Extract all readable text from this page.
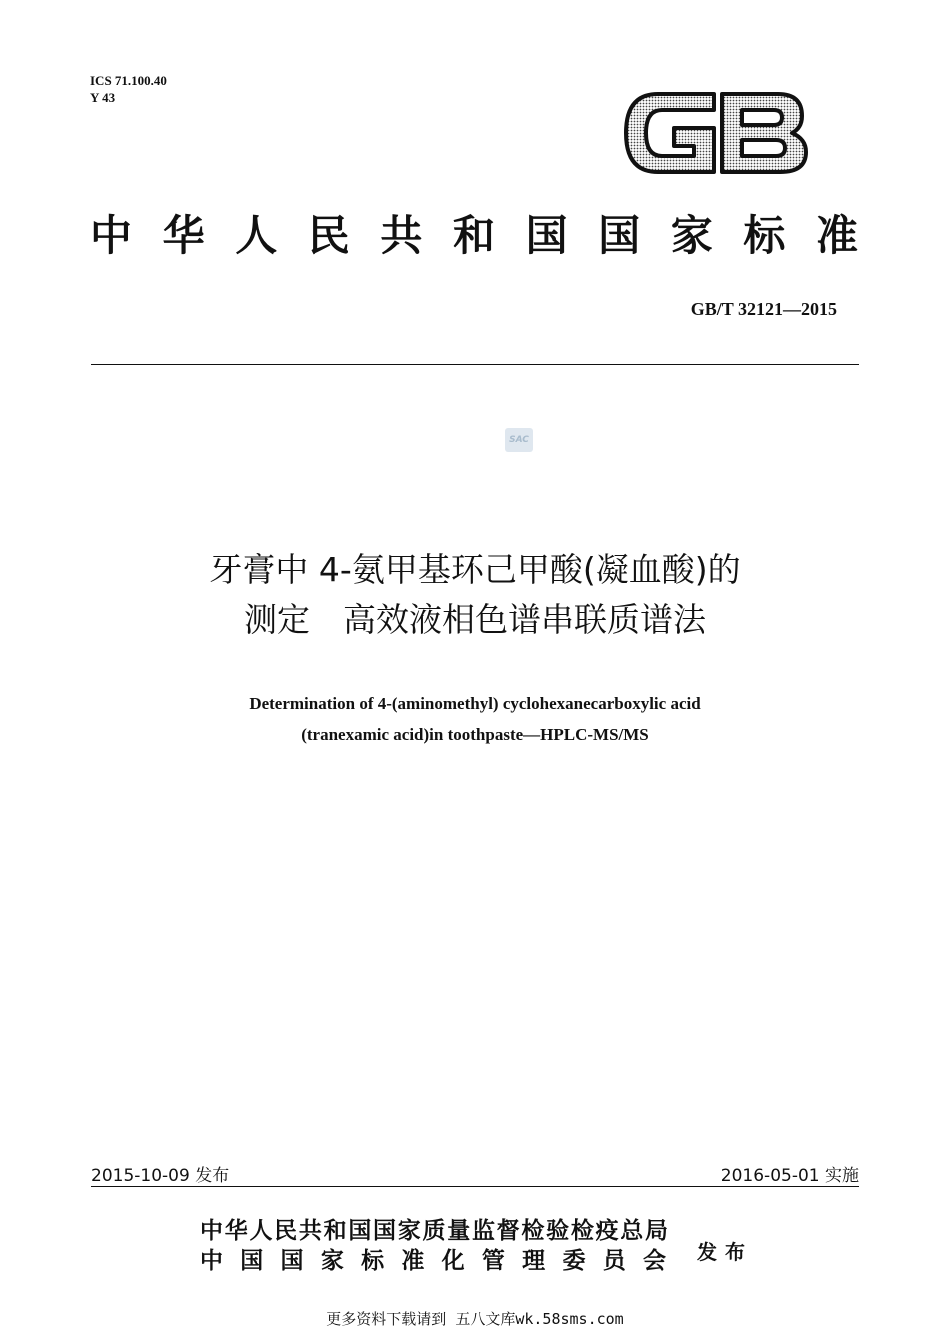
ICS 71.100.40
Y 43
中华人民共和国国家标准
GB/T 32121—2015
SAC
牙膏中 4-氨甲基环己甲酸(凝血酸)的
测定　高效液相色谱串联质谱法
Determination of 4-(aminomethyl) cyclohexanecarboxylic acid
(tranexamic acid)in toothpaste—HPLC-MS/MS
2015-10-09 发布	2016-05-01 实施
中华人民共和国国家质量监督检验检疫总局
中国国家标准化管理委员会 发布
更多资料下载请到 五八文库wk.58sms.com
